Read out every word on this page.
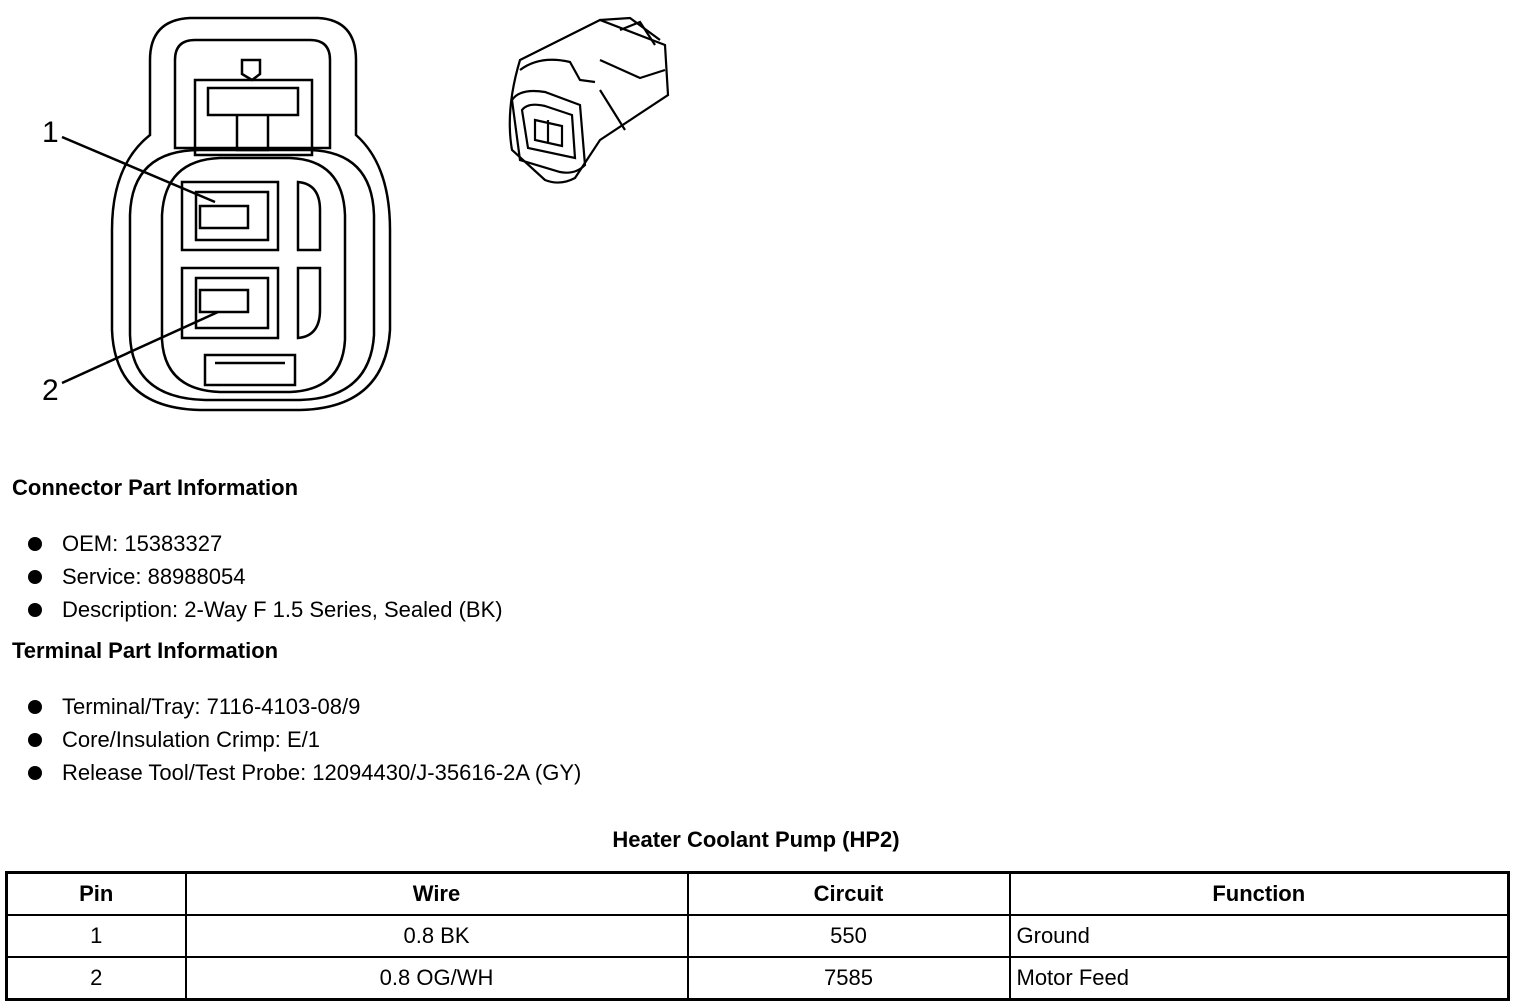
1
2
Connector Part Information
OEM: 15383327
Service: 88988054
Description: 2-Way F 1.5 Series, Sealed (BK)
Terminal Part Information
Terminal/Tray: 7116-4103-08/9
Core/Insulation Crimp: E/1
Release Tool/Test Probe: 12094430/J-35616-2A (GY)
Heater Coolant Pump (HP2)
Pin	Wire	Circuit	Function
1	0.8 BK	550	Ground
2	0.8 OG/WH	7585	Motor Feed
